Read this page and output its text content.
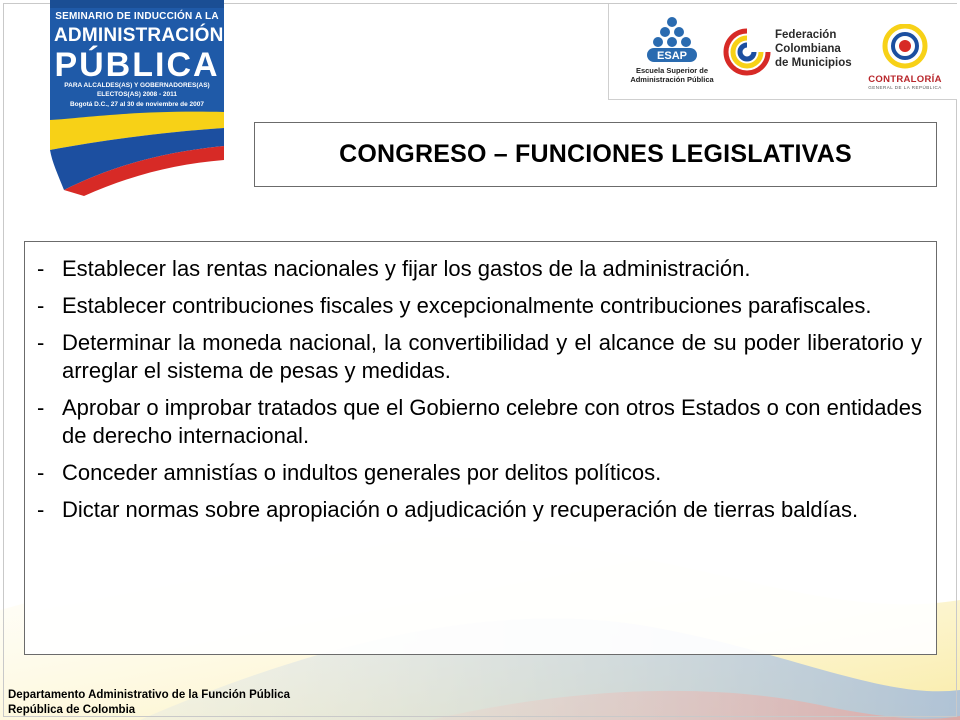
SEMINARIO DE INDUCCIÓN A LA
ADMINISTRACIÓN
PÚBLICA
PARA ALCALDES(AS) Y GOBERNADORES(AS)
ELECTOS(AS) 2008 - 2011
Bogotá D.C., 27 al 30 de noviembre de 2007
ESAP
Escuela Superior de
Administración Pública
Federación
Colombiana
de Municipios
CONTRALORÍA
GENERAL DE LA REPÚBLICA
CONGRESO – FUNCIONES LEGISLATIVAS
- Establecer las rentas nacionales y fijar los gastos de la administración.
- Establecer contribuciones fiscales y excepcionalmente contribuciones parafiscales.
- Determinar la moneda nacional, la convertibilidad y el alcance de su poder liberatorio y arreglar el sistema de pesas y medidas.
- Aprobar o improbar tratados que el Gobierno celebre con otros Estados o con entidades de derecho internacional.
- Conceder amnistías o indultos generales por delitos políticos.
- Dictar normas sobre apropiación o adjudicación y recuperación de tierras baldías.
Departamento Administrativo de la Función Pública
República de Colombia
